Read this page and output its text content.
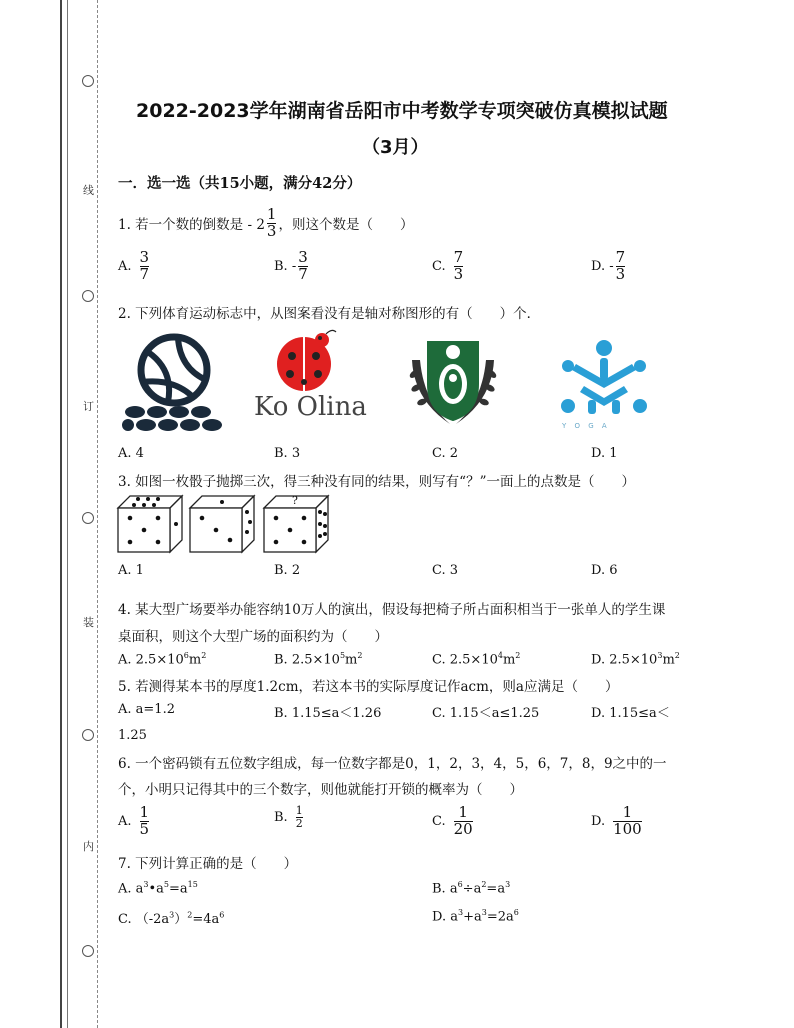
线
订
装
内
2022-2023学年湖南省岳阳市中考数学专项突破仿真模拟试题
（3月）
一．选一选（共15小题，满分42分）
1. 若一个数的倒数是 - $2 \frac{1}{3}$ ，则这个数是（　　）
A. $\frac{3}{7}$	B. - $\frac{3}{7}$	C. $\frac{7}{3}$	D. - $\frac{7}{3}$
2. 下列体育运动标志中，从图案看没有是轴对称图形的有（　　）个．
Ko Olina
Y O G A
A. 4	B. 3	C. 2	D. 1
3. 如图一枚骰子抛掷三次，得三种没有同的结果，则写有“？”一面上的点数是（　　）
?
A. 1	B. 2	C. 3	D. 6
4. 某大型广场要举办能容纳10万人的演出，假设每把椅子所占面积相当于一张单人的学生课
桌面积，则这个大型广场的面积约为（　　）
A. $2.5\times 10^6m^2$	B. $2.5\times 10^5m^2$	C. $2.5\times 10^4m^2$	D. $2.5\times 10^3m^2$
5. 若测得某本书的厚度1.2cm，若这本书的实际厚度记作acm，则a应满足（　　）
A. a=1.2	B. 1.15≤a＜1.26	C. 1.15＜a≤1.25	D. 1.15≤a＜
1.25
6. 一个密码锁有五位数字组成，每一位数字都是0，1，2，3，4，5，6，7，8，9之中的一
个，小明只记得其中的三个数字，则他就能打开锁的概率为（　　）
A. $\frac{1}{5}$	B. $\frac{1}{2}$	C. $\frac{1}{20}$	D. $\frac{1}{100}$
7. 下列计算正确的是（　　）
A. $a^3•a^5=a^{15}$	B. $a^6\div a^2=a^3$
C. $(-2a^3)^2=4a^6$	D. $a^3+a^3=2a^6$
